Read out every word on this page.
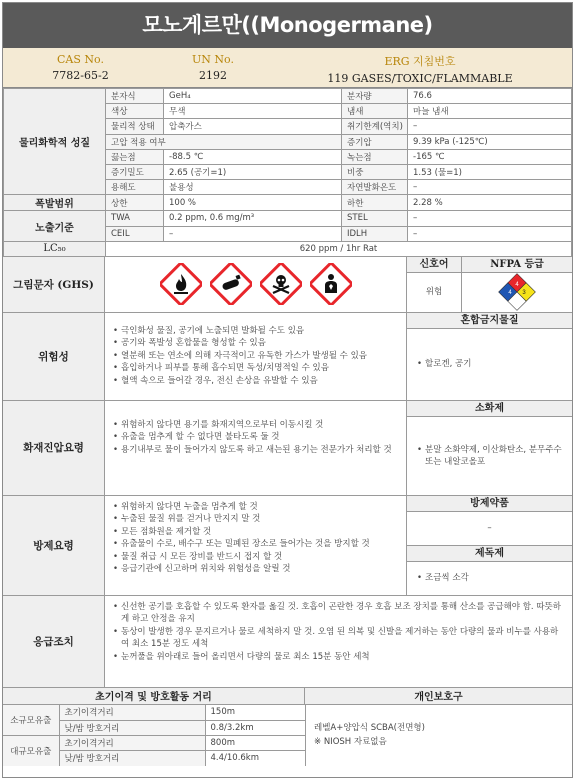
모노게르만((Monogermane)
CAS No.
7782-65-2
UN No.
2192
ERG 지침번호
119 GASES/TOXIC/FLAMMABLE
물리화학적 성질	분자식	GeH₄	분자량	76.6
	색상	무색	냄새	마늘 냄새
	물리적 상태	압축가스	취기한계(역치)	–
	고압 적용 여부		증기압	9.39 kPa (-125℃)
	끓는점	-88.5 ℃	녹는점	-165 ℃
	증기밀도	2.65 (공기=1)	비중	1.53 (물=1)
	용해도	불용성	자연발화온도	–
폭발범위	상한	100 %	하한	2.28 %
노출기준	TWA	0.2 ppm, 0.6 mg/m³	STEL	–
	CEIL	–	IDLH	–
LC₅₀	620 ppm / 1hr Rat			
그림문자 (GHS)
신호어
위험
NFPA 등급
4
4 3
위험성
• 극인화성 물질, 공기에 노출되면 발화될 수도 있음
• 공기와 폭발성 혼합물을 형성할 수 있음
• 열분해 또는 연소에 의해 자극적이고 유독한 가스가 발생될 수 있음
• 흡입하거나 피부를 통해 흡수되면 독성/치명적일 수 있음
• 혈액 속으로 들어갈 경우, 전신 손상을 유발할 수 있음
혼합금지물질
• 할로겐, 공기
화재진압요령
• 위험하지 않다면 용기를 화재지역으로부터 이동시킬 것
• 유출을 멈추게 할 수 없다면 불타도록 둘 것
• 용기내부로 물이 들어가지 않도록 하고 새는된 용기는 전문가가 처리할 것
소화제
• 분말 소화약제, 이산화탄소, 분무주수 또는 내알코올포
방제요령
• 위험하지 않다면 누출을 멈추게 할 것
• 누출된 물질 위를 걷거나 만지지 말 것
• 모든 점화원을 제거할 것
• 유출물이 수로, 배수구 또는 밀폐된 장소로 들어가는 것을 방지할 것
• 물질 취급 시 모든 장비를 반드시 접지 할 것
• 응급기관에 신고하며 위치와 위험성을 알릴 것
방제약품
–
제독제
• 조금씩 소각
응급조치
• 신선한 공기를 호흡할 수 있도록 환자를 옮길 것. 호흡이 곤란한 경우 호흡 보조 장치를 통해 산소를 공급해야 함. 따뜻하게 하고 안정을 유지
• 동상이 발생한 경우 문지르거나 물로 세척하지 말 것. 오염 된 의복 및 신발을 제거하는 동안 다량의 물과 비누를 사용하여 최소 15분 정도 세척
• 눈꺼풀을 위아래로 들어 올리면서 다량의 물로 최소 15분 동안 세척
초기이격 및 방호활동 거리	개인보호구
소규모유출	초기이격거리	150m
	낮/밤 방호거리	0.8/3.2km
대규모유출	초기이격거리	800m
	낮/밤 방호거리	4.4/10.6km
레벨A+양압식 SCBA(전면형)
※ NIOSH 자료없음
